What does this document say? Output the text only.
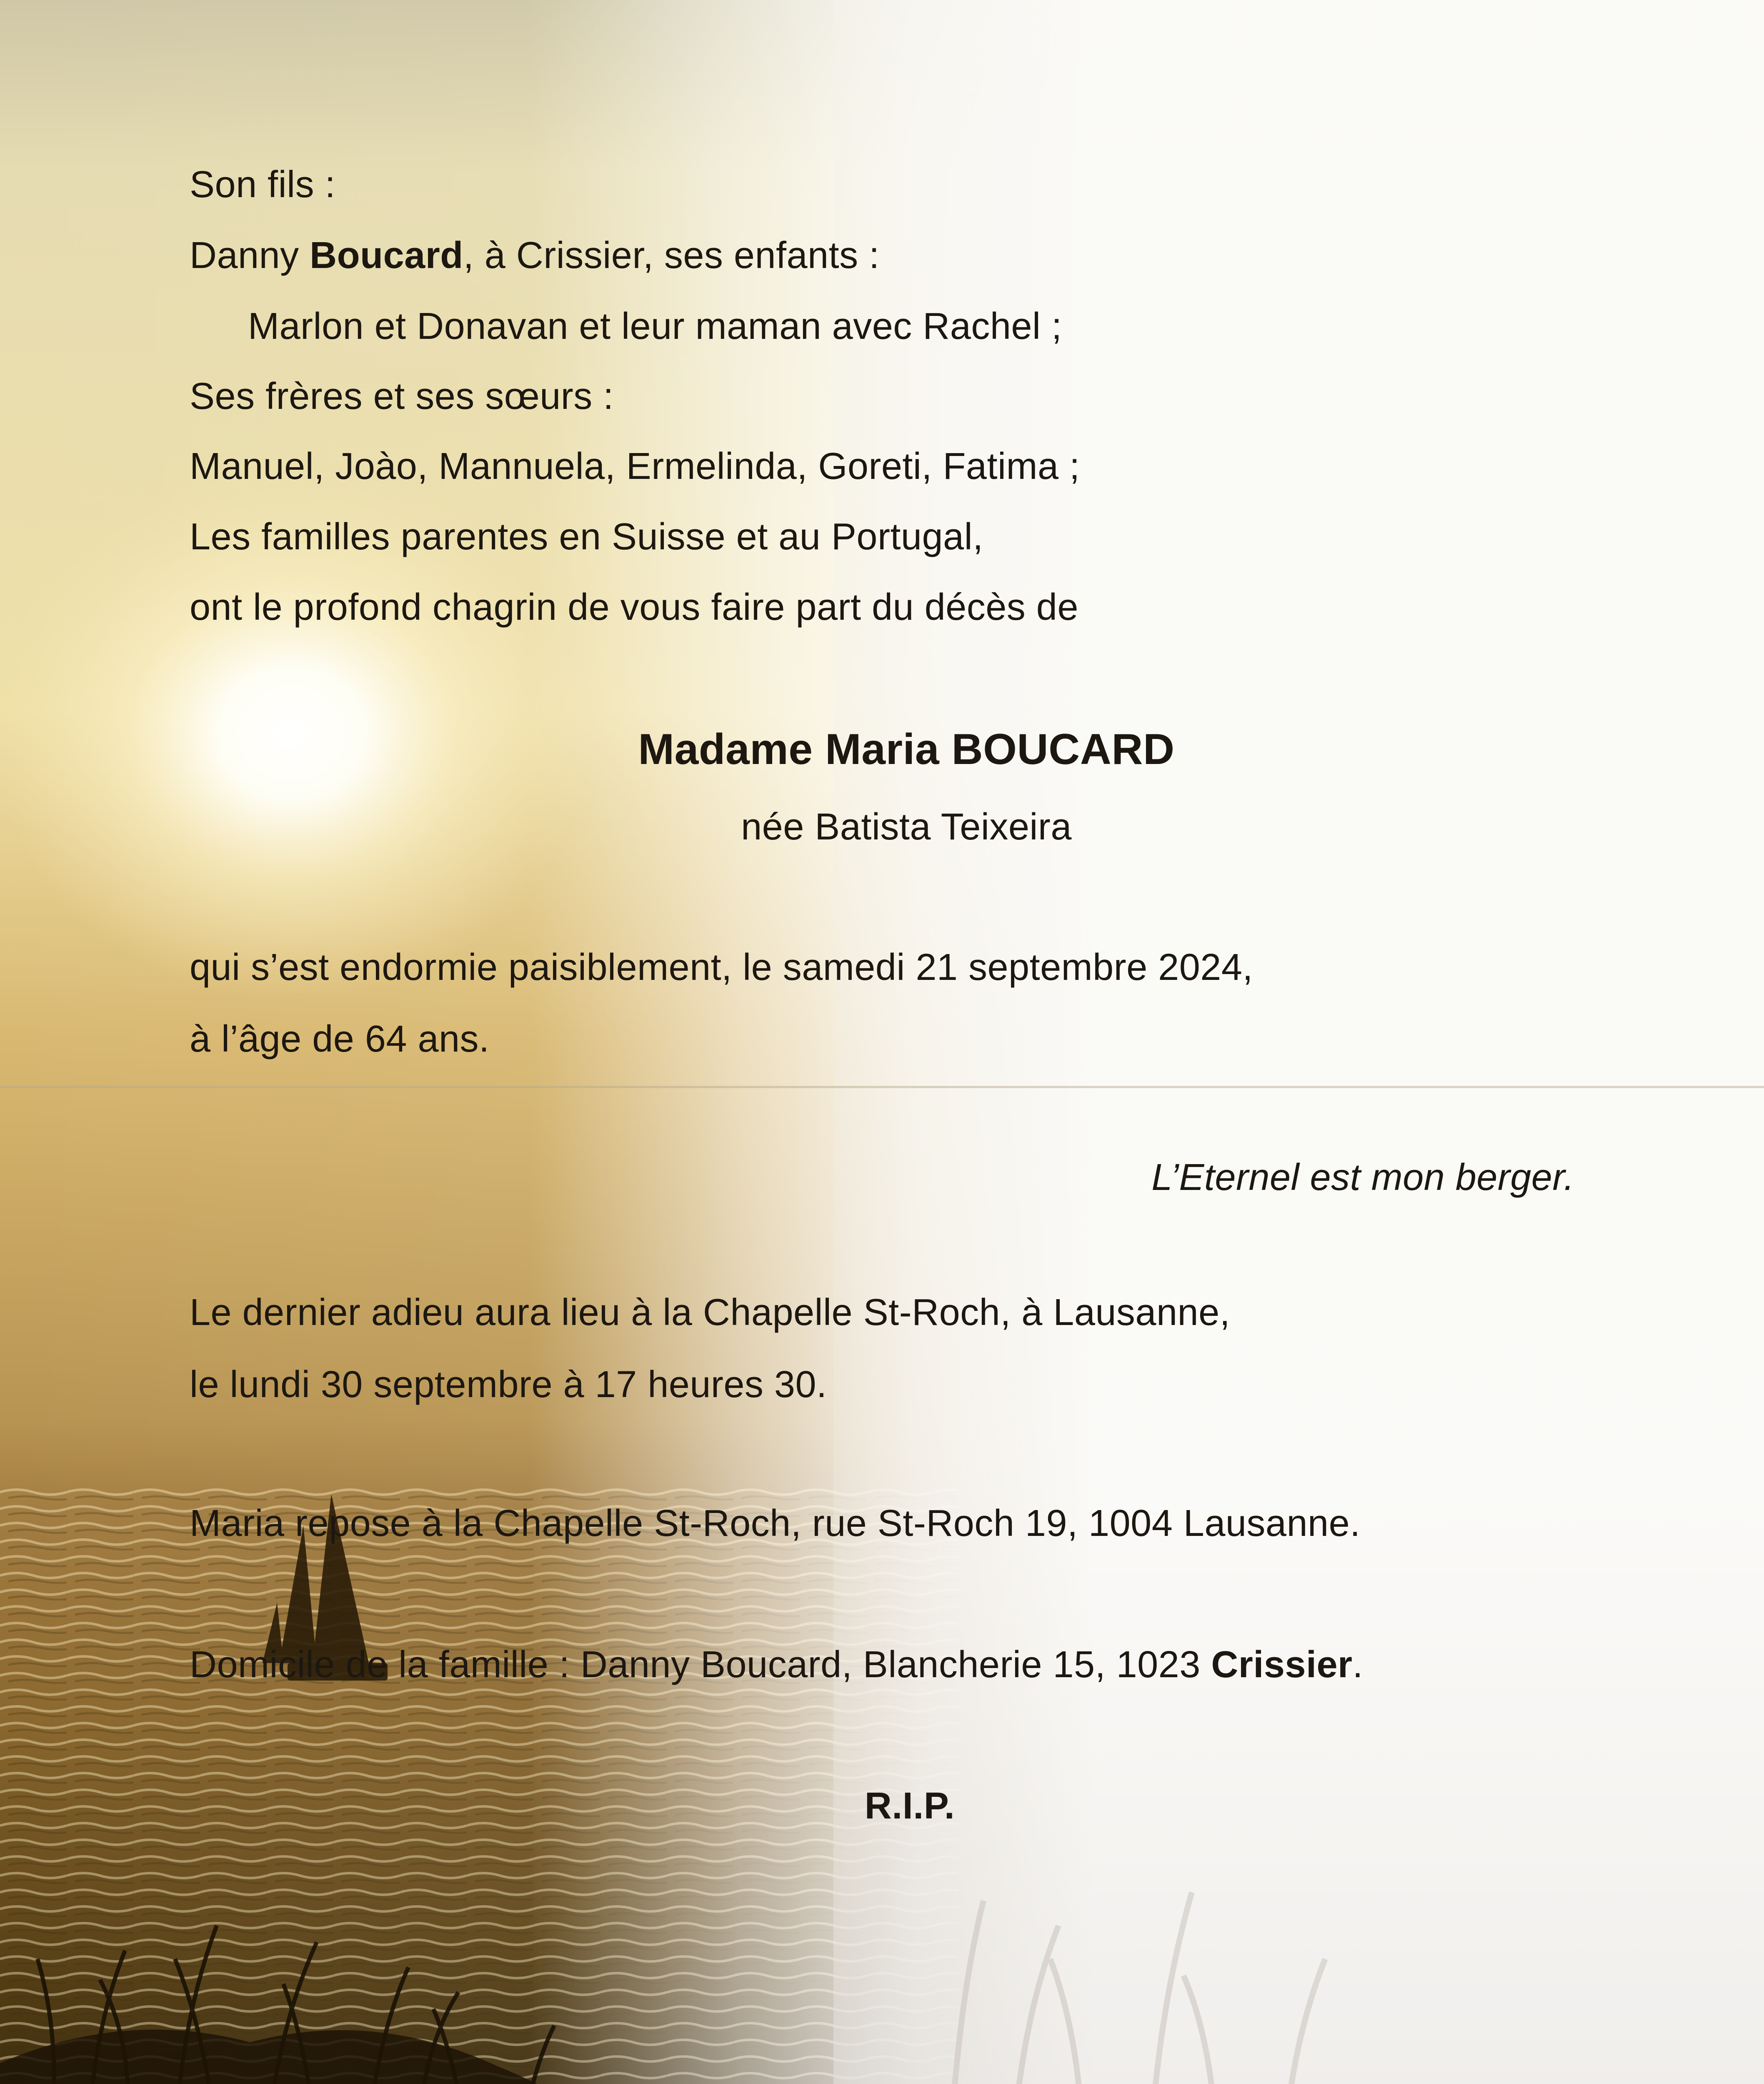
Son fils :
Danny Boucard, à Crissier, ses enfants :
Marlon et Donavan et leur maman avec Rachel ;
Ses frères et ses sœurs :
Manuel, Joào, Mannuela, Ermelinda, Goreti, Fatima ;
Les familles parentes en Suisse et au Portugal,
ont le profond chagrin de vous faire part du décès de
Madame Maria BOUCARD
née Batista Teixeira
qui s’est endormie paisiblement, le samedi 21 septembre 2024,
à l’âge de 64 ans.
L’Eternel est mon berger.
Le dernier adieu aura lieu à la Chapelle St-Roch, à Lausanne,
le lundi 30 septembre à 17 heures 30.
Maria repose à la Chapelle St-Roch, rue St-Roch 19, 1004 Lausanne.
Domicile de la famille : Danny Boucard, Blancherie 15, 1023 Crissier.
R.I.P.
